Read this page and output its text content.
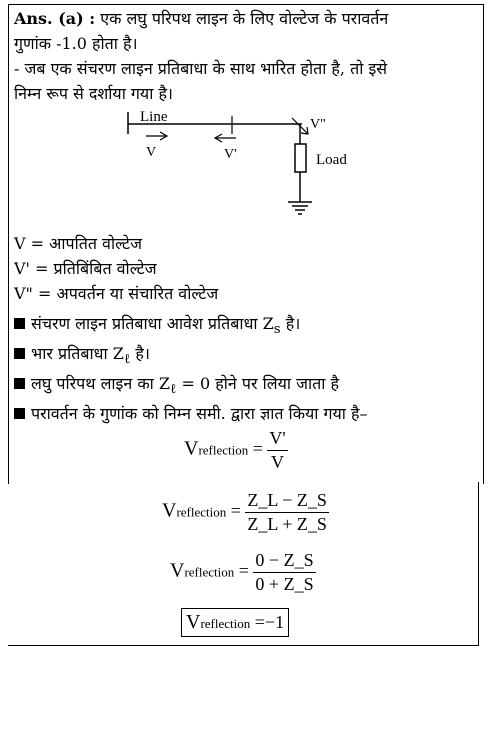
Ans. (a) : एक लघु परिपथ लाइन के लिए वोल्टेज के परावर्तन

गुणांक -1.0 होता है।

- जब एक संचरण लाइन प्रतिबाधा के साथ भारित होता है, तो इसे

निम्न रूप से दर्शाया गया है।

Line
V	V'
V"
Load

V = आपतित वोल्टेज

V' = प्रतिबिंबित वोल्टेज

V" = अपवर्तन या संचारित वोल्टेज

संचरण लाइन प्रतिबाधा आवेश प्रतिबाधा $Z_s$ है।

भार प्रतिबाधा $Z_\ell$ है।

लघु परिपथ लाइन का $Z_\ell = 0$ होने पर लिया जाता है

परावर्तन के गुणांक को निम्न समी. द्वारा ज्ञात किया गया है–

Vreflection = $\frac{V'}{V}$
Vreflection = $\frac{Z\_L - Z\_S}{Z\_L + Z\_S}$
Vreflection = $\frac{0 - Z\_S}{0 + Z\_S}$
Vreflection =−1
